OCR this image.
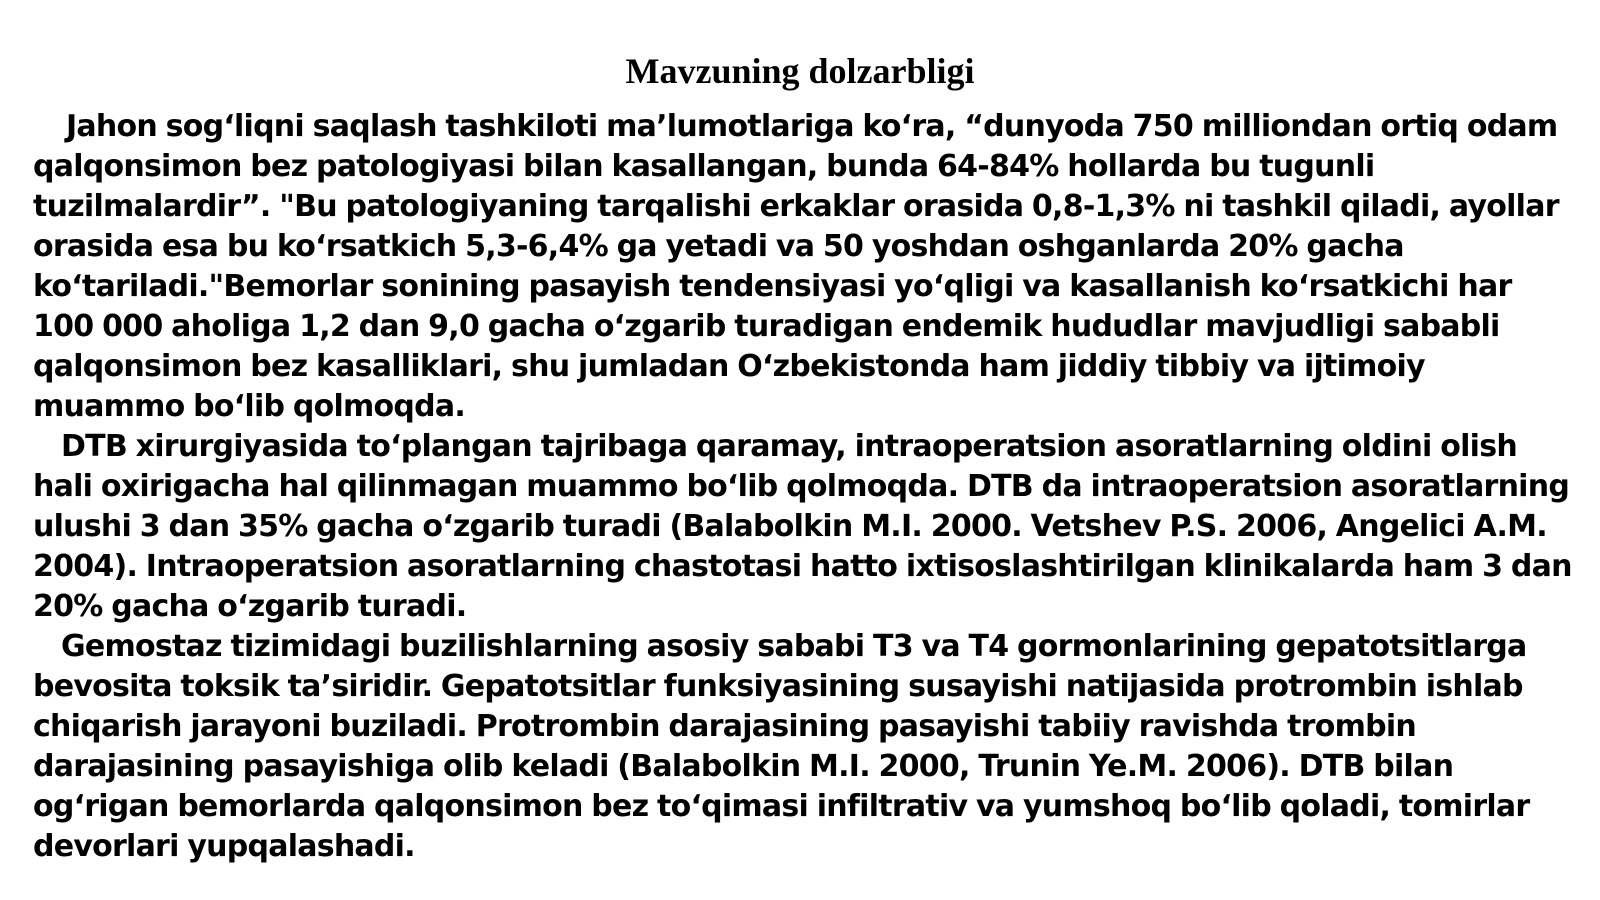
Mavzuning dolzarbligi

Jahon sog‘liqni saqlash tashkiloti ma’lumotlariga ko‘ra, “dunyoda 750 milliondan ortiq odam qalqonsimon bez patologiyasi bilan kasallangan, bunda 64-84% hollarda bu tugunli tuzilmalardir”. "Bu patologiyaning tarqalishi erkaklar orasida 0,8-1,3% ni tashkil qiladi, ayollar orasida esa bu ko‘rsatkich 5,3-6,4% ga yetadi va 50 yoshdan oshganlarda 20% gacha ko‘tariladi."Bemorlar sonining pasayish tendensiyasi yo‘qligi va kasallanish ko‘rsatkichi har 100 000 aholiga 1,2 dan 9,0 gacha o‘zgarib turadigan endemik hududlar mavjudligi sababli qalqonsimon bez kasalliklari, shu jumladan O‘zbekistonda ham jiddiy tibbiy va ijtimoiy muammo bo‘lib qolmoqda.

DTB xirurgiyasida to‘plangan tajribaga qaramay, intraoperatsion asoratlarning oldini olish hali oxirigacha hal qilinmagan muammo bo‘lib qolmoqda. DTB da intraoperatsion asoratlarning ulushi 3 dan 35% gacha o‘zgarib turadi (Balabolkin M.I. 2000. Vetshev P.S. 2006, Angelici A.M. 2004). Intraoperatsion asoratlarning chastotasi hatto ixtisoslashtirilgan klinikalarda ham 3 dan 20% gacha o‘zgarib turadi.

Gemostaz tizimidagi buzilishlarning asosiy sababi T3 va T4 gormonlarining gepatotsitlarga bevosita toksik ta’siridir. Gepatotsitlar funksiyasining susayishi natijasida protrombin ishlab chiqarish jarayoni buziladi. Protrombin darajasining pasayishi tabiiy ravishda trombin darajasining pasayishiga olib keladi (Balabolkin M.I. 2000, Trunin Ye.M. 2006). DTB bilan og‘rigan bemorlarda qalqonsimon bez to‘qimasi infiltrativ va yumshoq bo‘lib qoladi, tomirlar devorlari yupqalashadi.
